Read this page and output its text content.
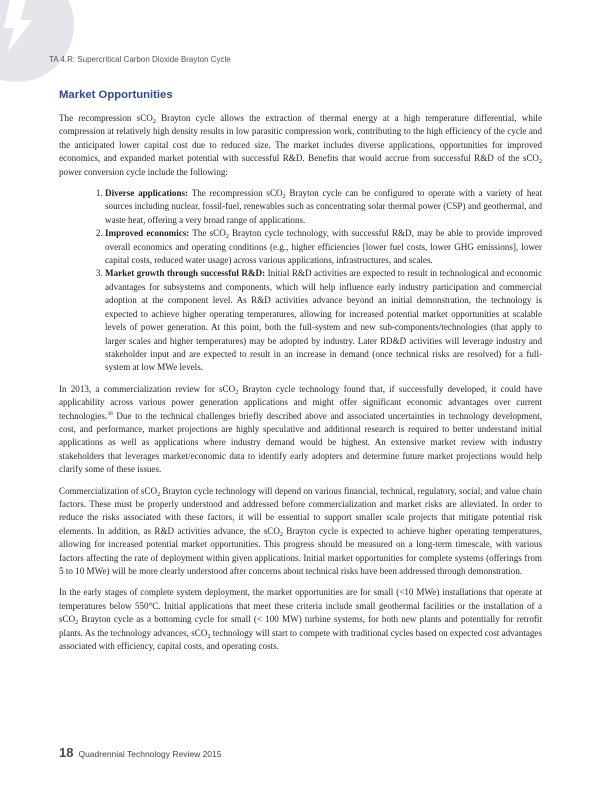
TA 4.R: Supercritical Carbon Dioxide Brayton Cycle
Market Opportunities

The recompression sCO$_2$ Brayton cycle allows the extraction of thermal energy at a high temperature differential, while compression at relatively high density results in low parasitic compression work, contributing to the high efficiency of the cycle and the anticipated lower capital cost due to reduced size. The market includes diverse applications, opportunities for improved economics, and expanded market potential with successful R&D. Benefits that would accrue from successful R&D of the sCO$_2$ power conversion cycle include the following:

1. Diverse applications: The recompression sCO$_2$ Brayton cycle can be configured to operate with a variety of heat sources including nuclear, fossil-fuel, renewables such as concentrating solar thermal power (CSP) and geothermal, and waste heat, offering a very broad range of applications.
2. Improved economics: The sCO$_2$ Brayton cycle technology, with successful R&D, may be able to provide improved overall economics and operating conditions (e.g., higher efficiencies [lower fuel costs, lower GHG emissions], lower capital costs, reduced water usage) across various applications, infrastructures, and scales.
3. Market growth through successful R&D: Initial R&D activities are expected to result in technological and economic advantages for subsystems and components, which will help influence early industry participation and commercial adoption at the component level. As R&D activities advance beyond an initial demonstration, the technology is expected to achieve higher operating temperatures, allowing for increased potential market opportunities at scalable levels of power generation. At this point, both the full-system and new sub-components/technologies (that apply to larger scales and higher temperatures) may be adopted by industry. Later RD&D activities will leverage industry and stakeholder input and are expected to result in an increase in demand (once technical risks are resolved) for a full-system at low MWe levels.

In 2013, a commercialization review for sCO$_2$ Brayton cycle technology found that, if successfully developed, it could have applicability across various power generation applications and might offer significant economic advantages over current technologies.$^{38}$ Due to the technical challenges briefly described above and associated uncertainties in technology development, cost, and performance, market projections are highly speculative and additional research is required to better understand initial applications as well as applications where industry demand would be highest. An extensive market review with industry stakeholders that leverages market/economic data to identify early adopters and determine future market projections would help clarify some of these issues.

Commercialization of sCO$_2$ Brayton cycle technology will depend on various financial, technical, regulatory, social, and value chain factors. These must be properly understood and addressed before commercialization and market risks are alleviated. In order to reduce the risks associated with these factors, it will be essential to support smaller scale projects that mitigate potential risk elements. In addition, as R&D activities advance, the sCO$_2$ Brayton cycle is expected to achieve higher operating temperatures, allowing for increased potential market opportunities. This progress should be measured on a long-term timescale, with various factors affecting the rate of deployment within given applications. Initial market opportunities for complete systems (offerings from 5 to 10 MWe) will be more clearly understood after concerns about technical risks have been addressed through demonstration.

In the early stages of complete system deployment, the market opportunities are for small (<10 MWe) installations that operate at temperatures below 550°C. Initial applications that meet these criteria include small geothermal facilities or the installation of a sCO$_2$ Brayton cycle as a bottoming cycle for small (< 100 MW) turbine systems, for both new plants and potentially for retrofit plants. As the technology advances, sCO$_2$ technology will start to compete with traditional cycles based on expected cost advantages associated with efficiency, capital costs, and operating costs.

18 Quadrennial Technology Review 2015
